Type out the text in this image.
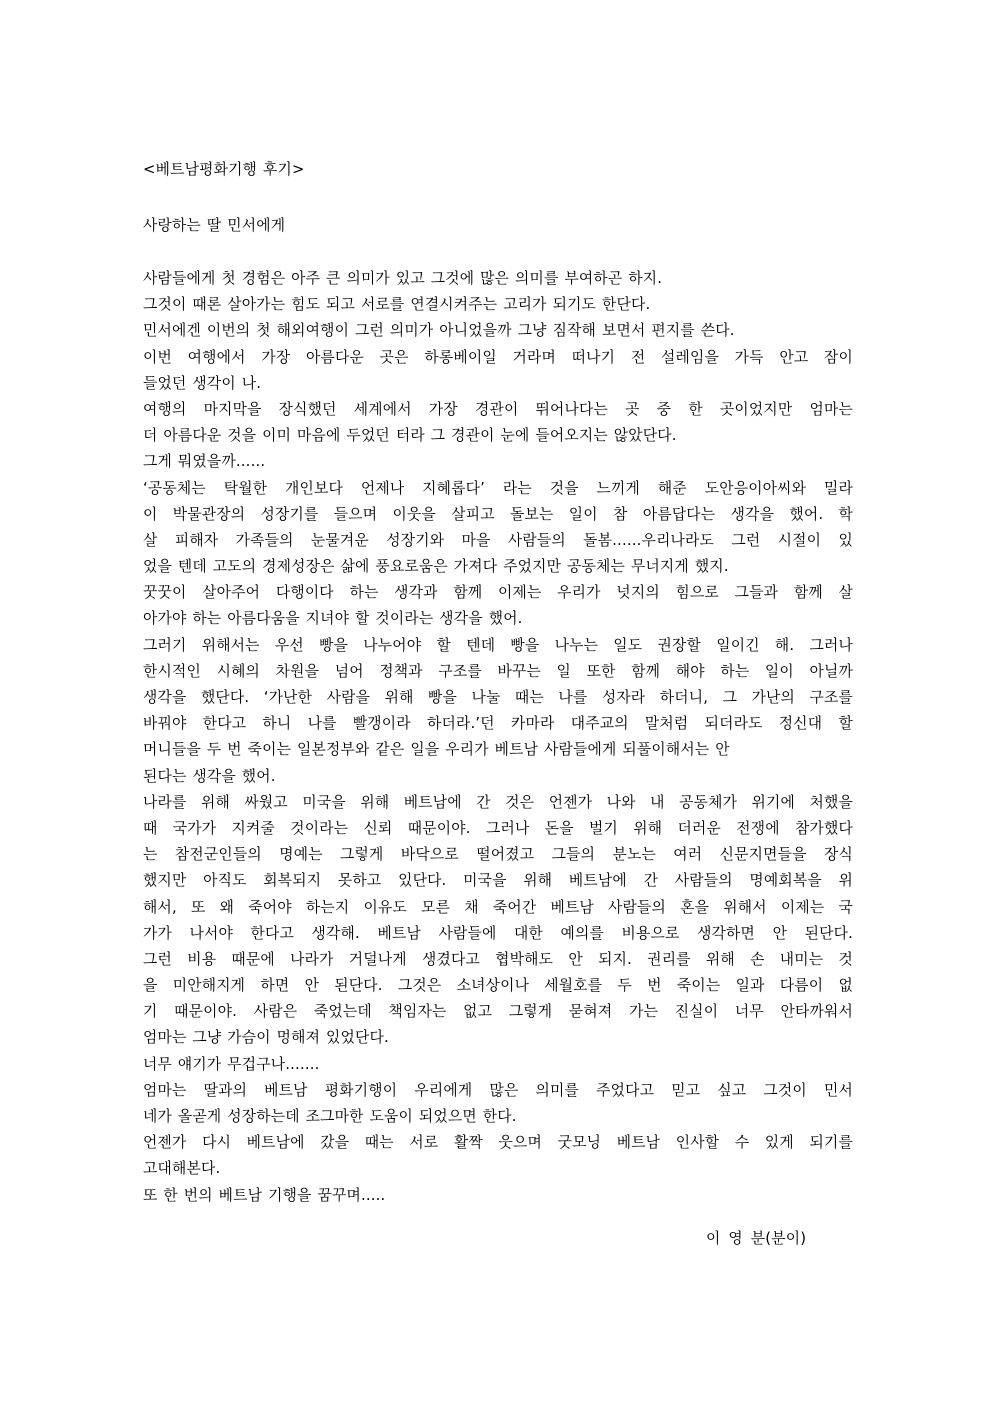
<베트남평화기행 후기>
사랑하는 딸 민서에게
사람들에게 첫 경험은 아주 큰 의미가 있고 그것에 많은 의미를 부여하곤 하지.
그것이 때론 살아가는 힘도 되고 서로를 연결시켜주는 고리가 되기도 한단다.
민서에겐 이번의 첫 해외여행이 그런 의미가 아니었을까 그냥 짐작해 보면서 편지를 쓴다.
이번 여행에서 가장 아름다운 곳은 하롱베이일 거라며 떠나기 전 설레임을 가득 안고 잠이
들었던 생각이 나.
여행의 마지막을 장식했던 세계에서 가장 경관이 뛰어나다는 곳 중 한 곳이었지만 엄마는
더 아름다운 것을 이미 마음에 두었던 터라 그 경관이 눈에 들어오지는 않았단다.
그게 뭐였을까......
‘공동체는 탁월한 개인보다 언제나 지혜롭다’ 라는 것을 느끼게 해준 도안응이아씨와 밀라
이 박물관장의 성장기를 들으며 이웃을 살피고 돌보는 일이 참 아름답다는 생각을 했어. 학
살 피해자 가족들의 눈물겨운 성장기와 마을 사람들의 돌봄......우리나라도 그런 시절이 있
었을 텐데 고도의 경제성장은 삶에 풍요로움은 가져다 주었지만 공동체는 무너지게 했지.
꿋꿋이 살아주어 다행이다 하는 생각과 함께 이제는 우리가 넛지의 힘으로 그들과 함께 살
아가야 하는 아름다움을 지녀야 할 것이라는 생각을 했어.
그러기 위해서는 우선 빵을 나누어야 할 텐데 빵을 나누는 일도 권장할 일이긴 해. 그러나
한시적인 시혜의 차원을 넘어 정책과 구조를 바꾸는 일 또한 함께 해야 하는 일이 아닐까
생각을 했단다. ‘가난한 사람을 위해 빵을 나눌 때는 나를 성자라 하더니, 그 가난의 구조를
바꿔야 한다고 하니 나를 빨갱이라 하더라.’던 카마라 대주교의 말처럼 되더라도 정신대 할
머니들을 두 번 죽이는 일본정부와 같은 일을 우리가 베트남 사람들에게 되풀이해서는 안
된다는 생각을 했어.
나라를 위해 싸웠고 미국을 위해 베트남에 간 것은 언젠가 나와 내 공동체가 위기에 처했을
때 국가가 지켜줄 것이라는 신뢰 때문이야. 그러나 돈을 벌기 위해 더러운 전쟁에 참가했다
는 참전군인들의 명예는 그렇게 바닥으로 떨어졌고 그들의 분노는 여러 신문지면들을 장식
했지만 아직도 회복되지 못하고 있단다. 미국을 위해 베트남에 간 사람들의 명예회복을 위
해서, 또 왜 죽어야 하는지 이유도 모른 채 죽어간 베트남 사람들의 혼을 위해서 이제는 국
가가 나서야 한다고 생각해. 베트남 사람들에 대한 예의를 비용으로 생각하면 안 된단다.
그런 비용 때문에 나라가 거덜나게 생겼다고 협박해도 안 되지. 권리를 위해 손 내미는 것
을 미안해지게 하면 안 된단다. 그것은 소녀상이나 세월호를 두 번 죽이는 일과 다름이 없
기 때문이야. 사람은 죽었는데 책임자는 없고 그렇게 묻혀져 가는 진실이 너무 안타까워서
엄마는 그냥 가슴이 멍해져 있었단다.
너무 얘기가 무겁구나.......
엄마는 딸과의 베트남 평화기행이 우리에게 많은 의미를 주었다고 믿고 싶고 그것이 민서
네가 올곧게 성장하는데 조그마한 도움이 되었으면 한다.
언젠가 다시 베트남에 갔을 때는 서로 활짝 웃으며 굿모닝 베트남 인사할 수 있게 되기를
고대해본다.
또 한 번의 베트남 기행을 꿈꾸며.....
이 영 분(분이)
